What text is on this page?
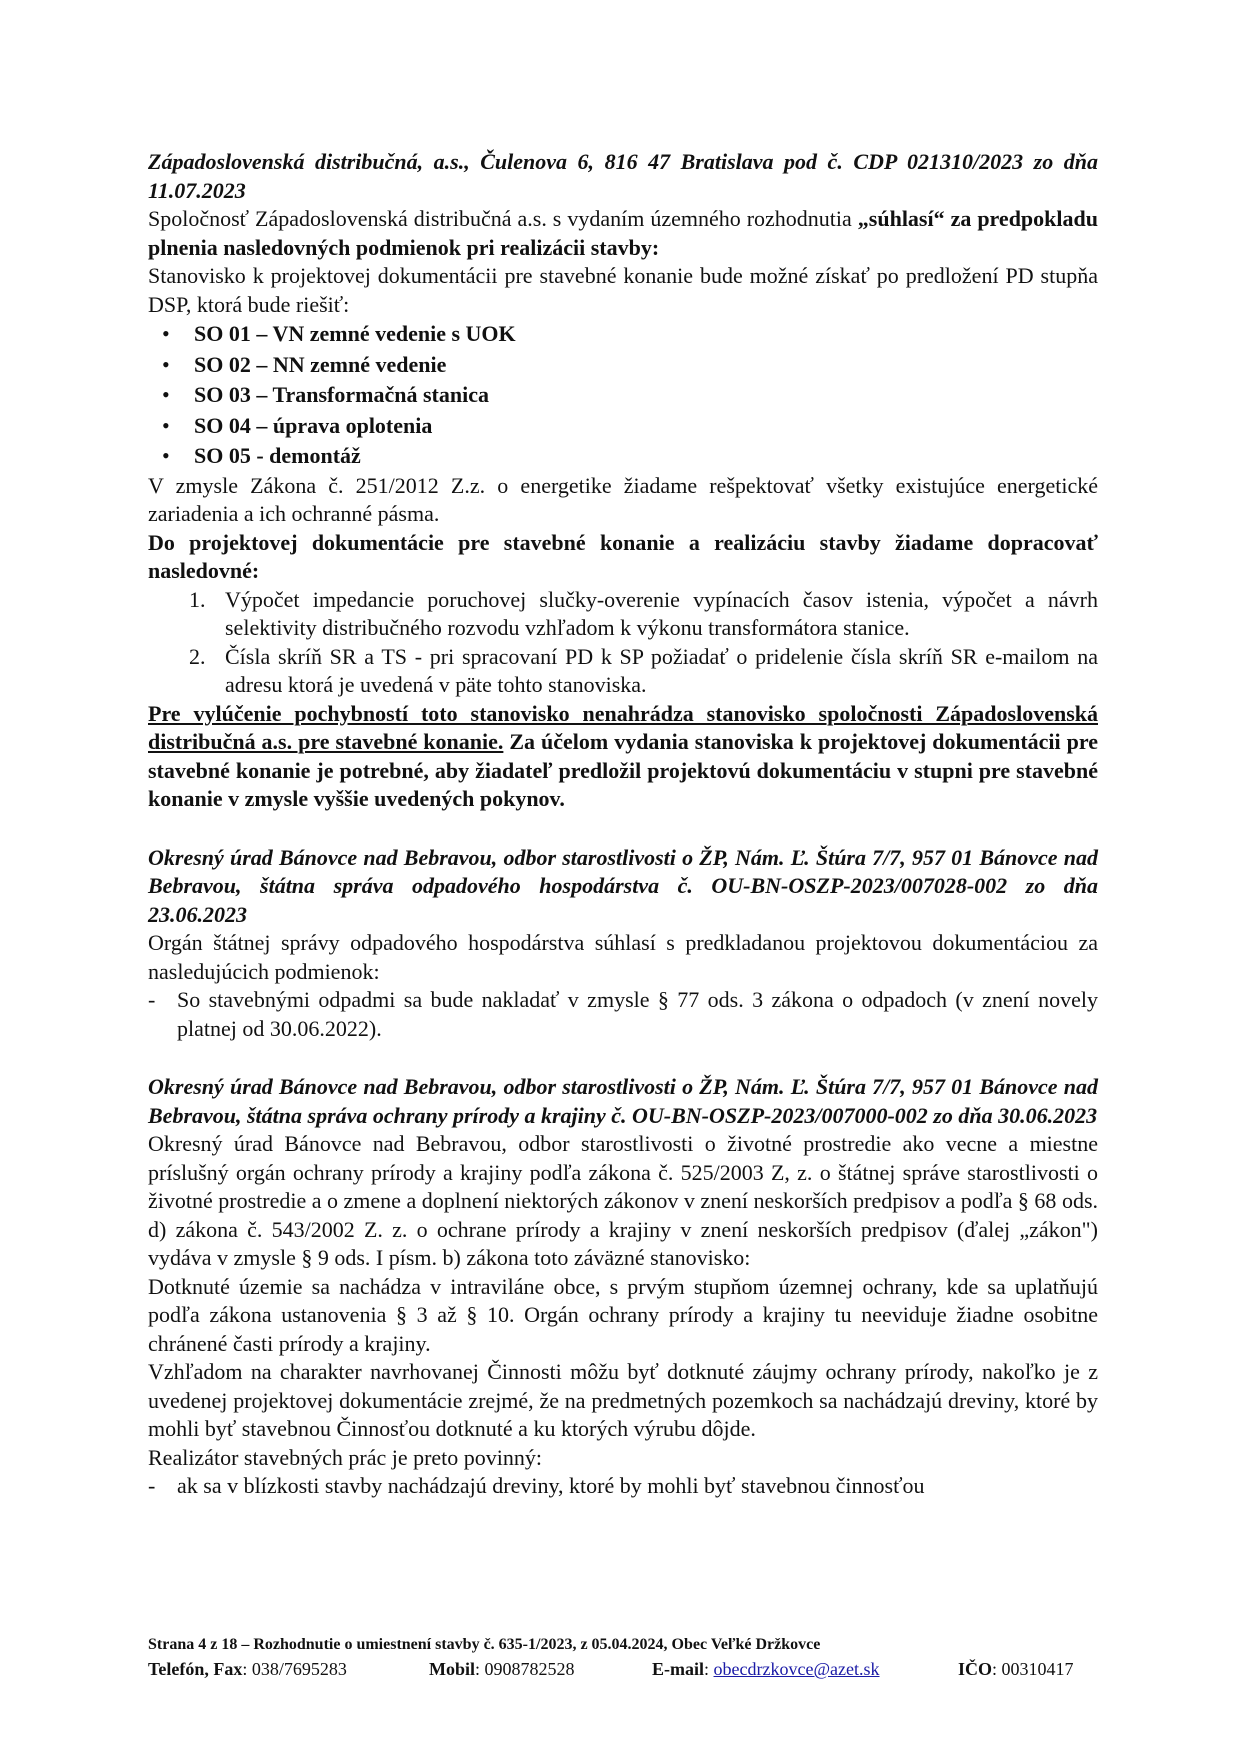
Západoslovenská distribučná, a.s., Čulenova 6, 816 47 Bratislava pod č. CDP 021310/2023 zo dňa 11.07.2023

Spoločnosť Západoslovenská distribučná a.s. s vydaním územného rozhodnutia „súhlasí“ za predpokladu plnenia nasledovných podmienok pri realizácii stavby:

Stanovisko k projektovej dokumentácii pre stavebné konanie bude možné získať po predložení PD stupňa DSP, ktorá bude riešiť:

• SO 01 – VN zemné vedenie s UOK
• SO 02 – NN zemné vedenie
• SO 03 – Transformačná stanica
• SO 04 – úprava oplotenia
• SO 05 - demontáž

V zmysle Zákona č. 251/2012 Z.z. o energetike žiadame rešpektovať všetky existujúce energetické zariadenia a ich ochranné pásma.

Do projektovej dokumentácie pre stavebné konanie a realizáciu stavby žiadame dopracovať nasledovné:

1. Výpočet impedancie poruchovej slučky-overenie vypínacích časov istenia, výpočet a návrh selektivity distribučného rozvodu vzhľadom k výkonu transformátora stanice.
2. Čísla skríň SR a TS - pri spracovaní PD k SP požiadať o pridelenie čísla skríň SR e-mailom na adresu ktorá je uvedená v päte tohto stanoviska.

Pre vylúčenie pochybností toto stanovisko nenahrádza stanovisko spoločnosti Západoslovenská distribučná a.s. pre stavebné konanie. Za účelom vydania stanoviska k projektovej dokumentácii pre stavebné konanie je potrebné, aby žiadateľ predložil projektovú dokumentáciu v stupni pre stavebné konanie v zmysle vyššie uvedených pokynov.

Okresný úrad Bánovce nad Bebravou, odbor starostlivosti o ŽP, Nám. Ľ. Štúra 7/7, 957 01 Bánovce nad Bebravou, štátna správa odpadového hospodárstva č. OU-BN-OSZP-2023/007028-002 zo dňa 23.06.2023

Orgán štátnej správy odpadového hospodárstva súhlasí s predkladanou projektovou dokumentáciou za nasledujúcich podmienok:

- So stavebnými odpadmi sa bude nakladať v zmysle § 77 ods. 3 zákona o odpadoch (v znení novely platnej od 30.06.2022).

Okresný úrad Bánovce nad Bebravou, odbor starostlivosti o ŽP, Nám. Ľ. Štúra 7/7, 957 01 Bánovce nad Bebravou, štátna správa ochrany prírody a krajiny č. OU-BN-OSZP-2023/007000-002 zo dňa 30.06.2023

Okresný úrad Bánovce nad Bebravou, odbor starostlivosti o životné prostredie ako vecne a miestne príslušný orgán ochrany prírody a krajiny podľa zákona č. 525/2003 Z, z. o štátnej správe starostlivosti o životné prostredie a o zmene a doplnení niektorých zákonov v znení neskorších predpisov a podľa § 68 ods. d) zákona č. 543/2002 Z. z. o ochrane prírody a krajiny v znení neskorších predpisov (ďalej „zákon") vydáva v zmysle § 9 ods. I písm. b) zákona toto záväzné stanovisko:

Dotknuté územie sa nachádza v intraviláne obce, s prvým stupňom územnej ochrany, kde sa uplatňujú podľa zákona ustanovenia § 3 až § 10. Orgán ochrany prírody a krajiny tu neeviduje žiadne osobitne chránené časti prírody a krajiny.

Vzhľadom na charakter navrhovanej Činnosti môžu byť dotknuté záujmy ochrany prírody, nakoľko je z uvedenej projektovej dokumentácie zrejmé, že na predmetných pozemkoch sa nachádzajú dreviny, ktoré by mohli byť stavebnou Činnosťou dotknuté a ku ktorých výrubu dôjde.

Realizátor stavebných prác je preto povinný:

- ak sa v blízkosti stavby nachádzajú dreviny, ktoré by mohli byť stavebnou činnosťou
Strana 4 z 18 – Rozhodnutie o umiestnení stavby č. 635-1/2023, z 05.04.2024, Obec Veľké Držkovce
Telefón, Fax: 038/7695283	Mobil: 0908782528	E-mail: obecdrzkovce@azet.sk	IČO: 00310417
